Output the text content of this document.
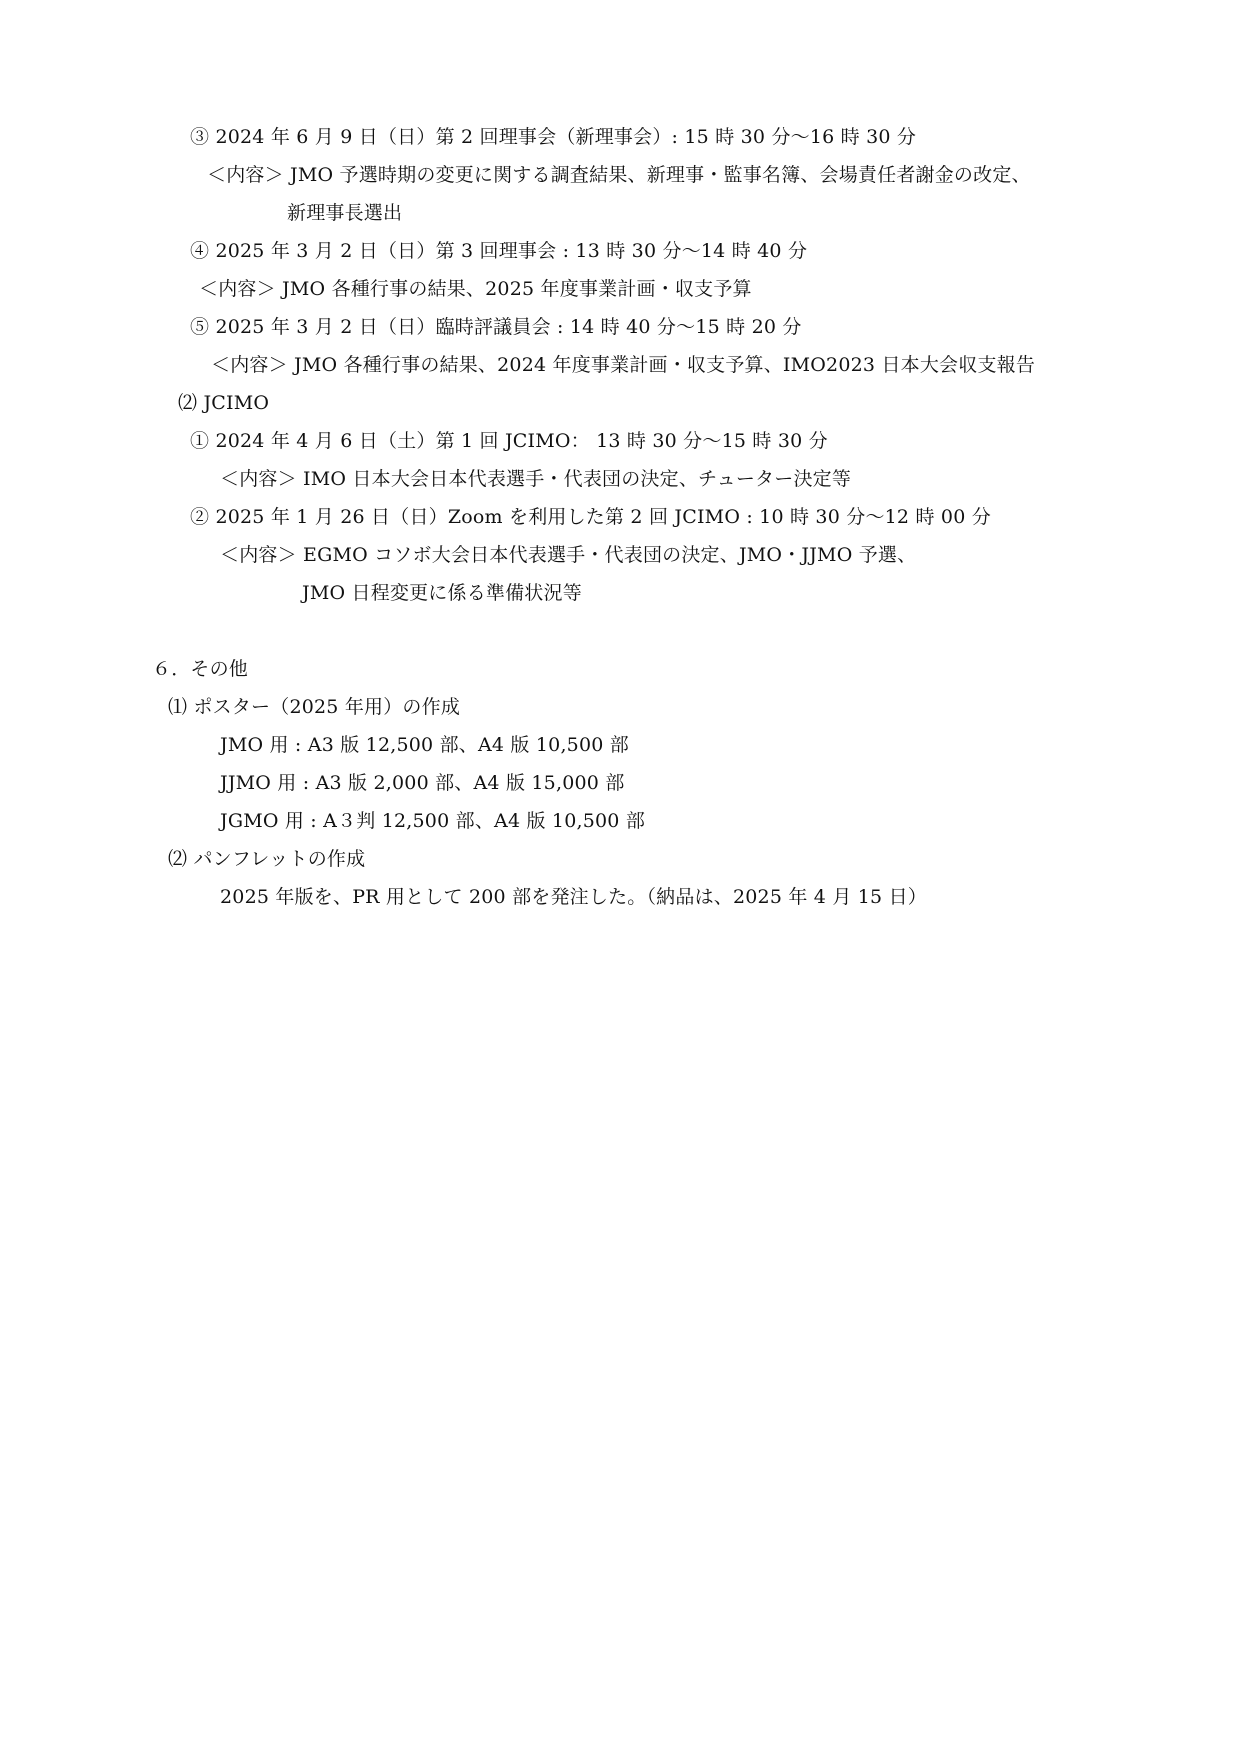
③ 2024 年 6 月 9 日（日）第 2 回理事会（新理事会）: 15 時 30 分〜16 時 30 分
＜内容＞ JMO 予選時期の変更に関する調査結果、新理事・監事名簿、会場責任者謝金の改定、
新理事長選出
④ 2025 年 3 月 2 日（日）第 3 回理事会 : 13 時 30 分〜14 時 40 分
＜内容＞ JMO 各種行事の結果、2025 年度事業計画・収支予算
⑤ 2025 年 3 月 2 日（日）臨時評議員会 : 14 時 40 分〜15 時 20 分
＜内容＞ JMO 各種行事の結果、2024 年度事業計画・収支予算、IMO2023 日本大会収支報告
⑵ JCIMO
① 2024 年 4 月 6 日（土）第 1 回 JCIMO： 13 時 30 分〜15 時 30 分
＜内容＞ IMO 日本大会日本代表選手・代表団の決定、チューター決定等
② 2025 年 1 月 26 日（日）Zoom を利用した第 2 回 JCIMO : 10 時 30 分〜12 時 00 分
＜内容＞ EGMO コソボ大会日本代表選手・代表団の決定、JMO・JJMO 予選、
JMO 日程変更に係る準備状況等
６．その他
⑴ ポスター（2025 年用）の作成
JMO 用 : A3 版 12,500 部、A4 版 10,500 部
JJMO 用 : A3 版 2,000 部、A4 版 15,000 部
JGMO 用 : A３判 12,500 部、A4 版 10,500 部
⑵ パンフレットの作成
2025 年版を、PR 用として 200 部を発注した。（納品は、2025 年 4 月 15 日）
